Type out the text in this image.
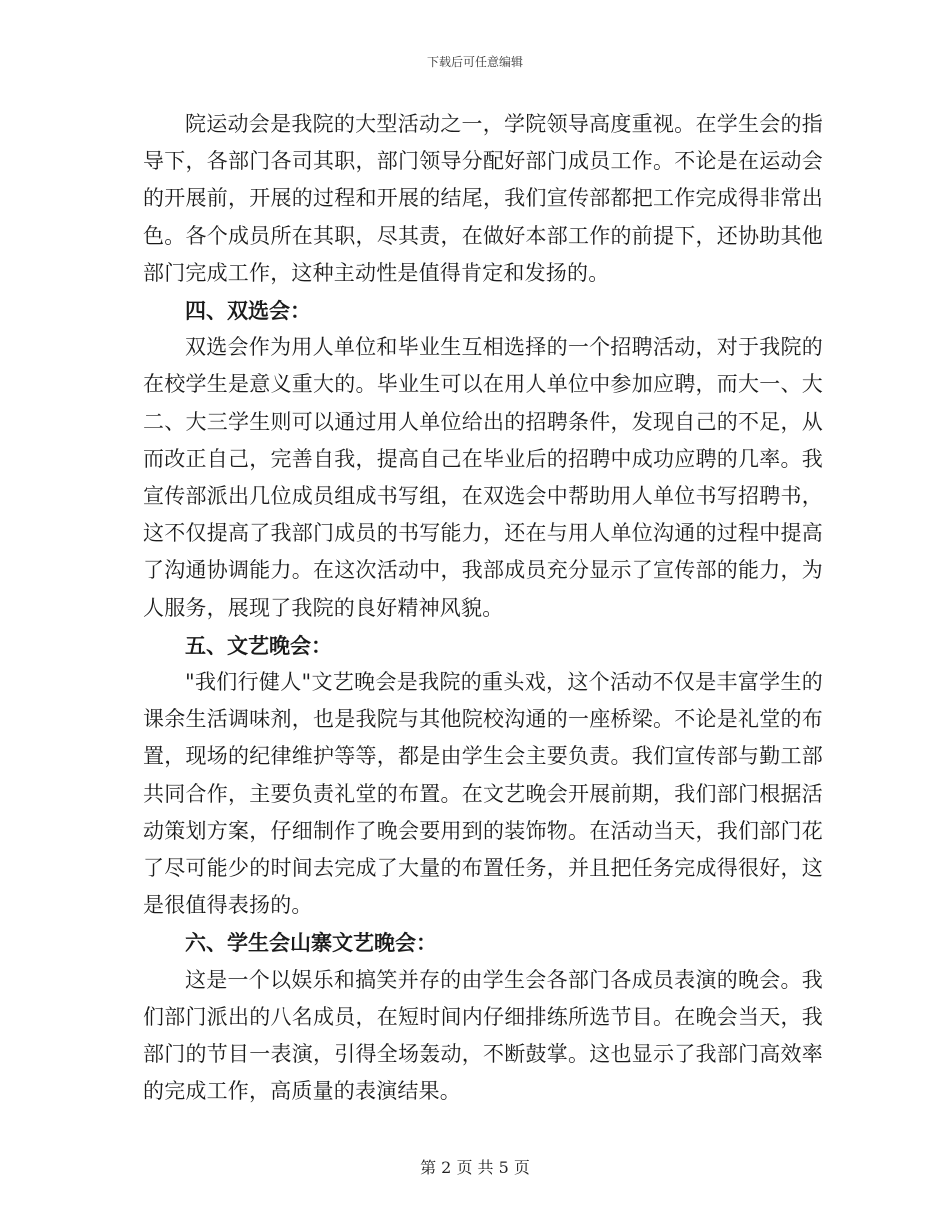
下载后可任意编辑

院运动会是我院的大型活动之一，学院领导高度重视。在学生会的指导下，各部门各司其职，部门领导分配好部门成员工作。不论是在运动会的开展前，开展的过程和开展的结尾，我们宣传部都把工作完成得非常出色。各个成员所在其职，尽其责，在做好本部工作的前提下，还协助其他部门完成工作，这种主动性是值得肯定和发扬的。

四、双选会：

双选会作为用人单位和毕业生互相选择的一个招聘活动，对于我院的在校学生是意义重大的。毕业生可以在用人单位中参加应聘，而大一、大二、大三学生则可以通过用人单位给出的招聘条件，发现自己的不足，从而改正自己，完善自我，提高自己在毕业后的招聘中成功应聘的几率。我宣传部派出几位成员组成书写组，在双选会中帮助用人单位书写招聘书，这不仅提高了我部门成员的书写能力，还在与用人单位沟通的过程中提高了沟通协调能力。在这次活动中，我部成员充分显示了宣传部的能力，为人服务，展现了我院的良好精神风貌。

五、文艺晚会：

"我们行健人"文艺晚会是我院的重头戏，这个活动不仅是丰富学生的课余生活调味剂，也是我院与其他院校沟通的一座桥梁。不论是礼堂的布置，现场的纪律维护等等，都是由学生会主要负责。我们宣传部与勤工部共同合作，主要负责礼堂的布置。在文艺晚会开展前期，我们部门根据活动策划方案，仔细制作了晚会要用到的装饰物。在活动当天，我们部门花了尽可能少的时间去完成了大量的布置任务，并且把任务完成得很好，这是很值得表扬的。

六、学生会山寨文艺晚会：

这是一个以娱乐和搞笑并存的由学生会各部门各成员表演的晚会。我们部门派出的八名成员，在短时间内仔细排练所选节目。在晚会当天，我部门的节目一表演，引得全场轰动，不断鼓掌。这也显示了我部门高效率的完成工作，高质量的表演结果。

第 2 页 共 5 页
